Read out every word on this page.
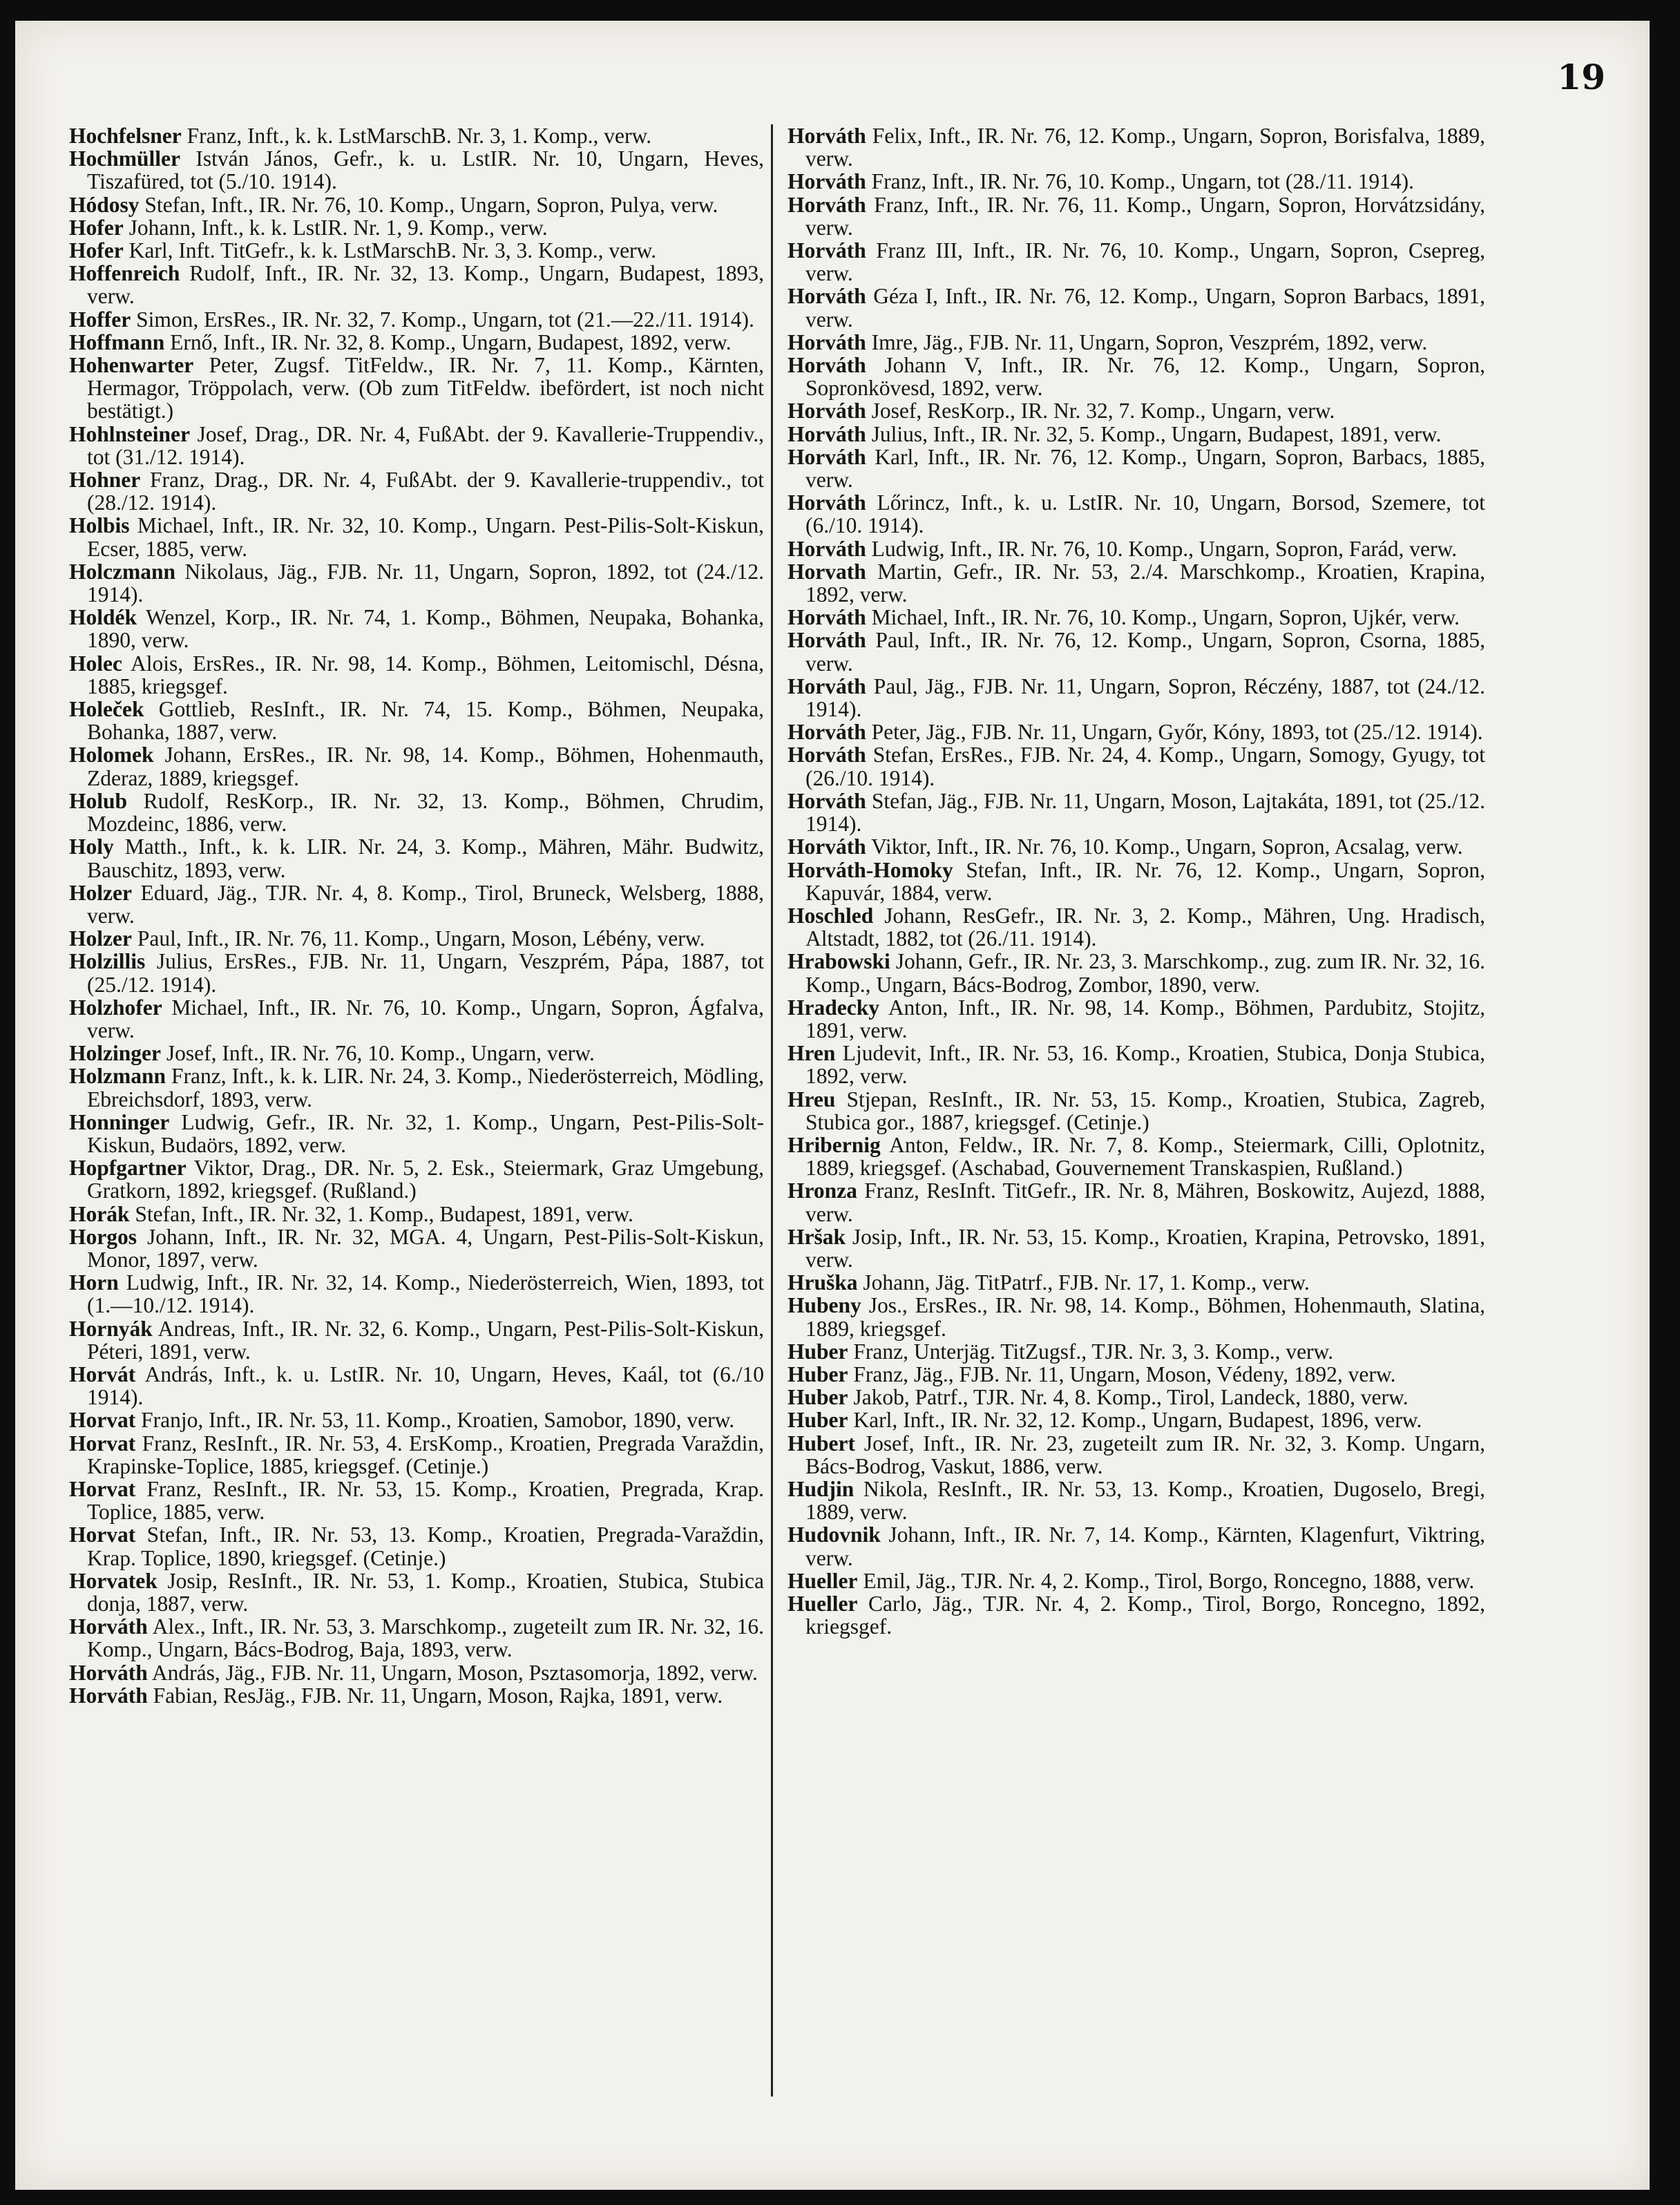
19

Hochfelsner Franz, Inft., k. k. LstMarschB. Nr. 3, 1. Komp., verw.

Hochmüller István János, Gefr., k. u. LstIR. Nr. 10, Ungarn, Heves, Tiszafüred, tot (5./10. 1914).

Hódosy Stefan, Inft., IR. Nr. 76, 10. Komp., Ungarn, Sopron, Pulya, verw.

Hofer Johann, Inft., k. k. LstIR. Nr. 1, 9. Komp., verw.

Hofer Karl, Inft. TitGefr., k. k. LstMarschB. Nr. 3, 3. Komp., verw.

Hoffenreich Rudolf, Inft., IR. Nr. 32, 13. Komp., Ungarn, Budapest, 1893, verw.

Hoffer Simon, ErsRes., IR. Nr. 32, 7. Komp., Ungarn, tot (21.—22./11. 1914).

Hoffmann Ernő, Inft., IR. Nr. 32, 8. Komp., Ungarn, Budapest, 1892, verw.

Hohenwarter Peter, Zugsf. TitFeldw., IR. Nr. 7, 11. Komp., Kärnten, Hermagor, Tröppolach, verw. (Ob zum TitFeldw. ibefördert, ist noch nicht bestätigt.)

Hohlnsteiner Josef, Drag., DR. Nr. 4, FußAbt. der 9. Kavallerie-Truppendiv., tot (31./12. 1914).

Hohner Franz, Drag., DR. Nr. 4, FußAbt. der 9. Kavallerie-truppendiv., tot (28./12. 1914).

Holbis Michael, Inft., IR. Nr. 32, 10. Komp., Ungarn. Pest-Pilis-Solt-Kiskun, Ecser, 1885, verw.

Holczmann Nikolaus, Jäg., FJB. Nr. 11, Ungarn, Sopron, 1892, tot (24./12. 1914).

Holdék Wenzel, Korp., IR. Nr. 74, 1. Komp., Böhmen, Neupaka, Bohanka, 1890, verw.

Holec Alois, ErsRes., IR. Nr. 98, 14. Komp., Böhmen, Leitomischl, Désna, 1885, kriegsgef.

Holeček Gottlieb, ResInft., IR. Nr. 74, 15. Komp., Böhmen, Neupaka, Bohanka, 1887, verw.

Holomek Johann, ErsRes., IR. Nr. 98, 14. Komp., Böhmen, Hohenmauth, Zderaz, 1889, kriegsgef.

Holub Rudolf, ResKorp., IR. Nr. 32, 13. Komp., Böhmen, Chrudim, Mozdeinc, 1886, verw.

Holy Matth., Inft., k. k. LIR. Nr. 24, 3. Komp., Mähren, Mähr. Budwitz, Bauschitz, 1893, verw.

Holzer Eduard, Jäg., TJR. Nr. 4, 8. Komp., Tirol, Bruneck, Welsberg, 1888, verw.

Holzer Paul, Inft., IR. Nr. 76, 11. Komp., Ungarn, Moson, Lébény, verw.

Holzillis Julius, ErsRes., FJB. Nr. 11, Ungarn, Veszprém, Pápa, 1887, tot (25./12. 1914).

Holzhofer Michael, Inft., IR. Nr. 76, 10. Komp., Ungarn, Sopron, Ágfalva, verw.

Holzinger Josef, Inft., IR. Nr. 76, 10. Komp., Ungarn, verw.

Holzmann Franz, Inft., k. k. LIR. Nr. 24, 3. Komp., Niederösterreich, Mödling, Ebreichsdorf, 1893, verw.

Honninger Ludwig, Gefr., IR. Nr. 32, 1. Komp., Ungarn, Pest-Pilis-Solt-Kiskun, Budaörs, 1892, verw.

Hopfgartner Viktor, Drag., DR. Nr. 5, 2. Esk., Steiermark, Graz Umgebung, Gratkorn, 1892, kriegsgef. (Rußland.)

Horák Stefan, Inft., IR. Nr. 32, 1. Komp., Budapest, 1891, verw.

Horgos Johann, Inft., IR. Nr. 32, MGA. 4, Ungarn, Pest-Pilis-Solt-Kiskun, Monor, 1897, verw.

Horn Ludwig, Inft., IR. Nr. 32, 14. Komp., Niederösterreich, Wien, 1893, tot (1.—10./12. 1914).

Hornyák Andreas, Inft., IR. Nr. 32, 6. Komp., Ungarn, Pest-Pilis-Solt-Kiskun, Péteri, 1891, verw.

Horvát András, Inft., k. u. LstIR. Nr. 10, Ungarn, Heves, Kaál, tot (6./10 1914).

Horvat Franjo, Inft., IR. Nr. 53, 11. Komp., Kroatien, Samobor, 1890, verw.

Horvat Franz, ResInft., IR. Nr. 53, 4. ErsKomp., Kroatien, Pregrada Varaždin, Krapinske-Toplice, 1885, kriegsgef. (Cetinje.)

Horvat Franz, ResInft., IR. Nr. 53, 15. Komp., Kroatien, Pregrada, Krap. Toplice, 1885, verw.

Horvat Stefan, Inft., IR. Nr. 53, 13. Komp., Kroatien, Pregrada-Varaždin, Krap. Toplice, 1890, kriegsgef. (Cetinje.)

Horvatek Josip, ResInft., IR. Nr. 53, 1. Komp., Kroatien, Stubica, Stubica donja, 1887, verw.

Horváth Alex., Inft., IR. Nr. 53, 3. Marschkomp., zugeteilt zum IR. Nr. 32, 16. Komp., Ungarn, Bács-Bodrog, Baja, 1893, verw.

Horváth András, Jäg., FJB. Nr. 11, Ungarn, Moson, Psztasomorja, 1892, verw.

Horváth Fabian, ResJäg., FJB. Nr. 11, Ungarn, Moson, Rajka, 1891, verw.

Horváth Felix, Inft., IR. Nr. 76, 12. Komp., Ungarn, Sopron, Borisfalva, 1889, verw.

Horváth Franz, Inft., IR. Nr. 76, 10. Komp., Ungarn, tot (28./11. 1914).

Horváth Franz, Inft., IR. Nr. 76, 11. Komp., Ungarn, Sopron, Horvátzsidány, verw.

Horváth Franz III, Inft., IR. Nr. 76, 10. Komp., Ungarn, Sopron, Csepreg, verw.

Horváth Géza I, Inft., IR. Nr. 76, 12. Komp., Ungarn, Sopron Barbacs, 1891, verw.

Horváth Imre, Jäg., FJB. Nr. 11, Ungarn, Sopron, Veszprém, 1892, verw.

Horváth Johann V, Inft., IR. Nr. 76, 12. Komp., Ungarn, Sopron, Sopronkövesd, 1892, verw.

Horváth Josef, ResKorp., IR. Nr. 32, 7. Komp., Ungarn, verw.

Horváth Julius, Inft., IR. Nr. 32, 5. Komp., Ungarn, Budapest, 1891, verw.

Horváth Karl, Inft., IR. Nr. 76, 12. Komp., Ungarn, Sopron, Barbacs, 1885, verw.

Horváth Lőrincz, Inft., k. u. LstIR. Nr. 10, Ungarn, Borsod, Szemere, tot (6./10. 1914).

Horváth Ludwig, Inft., IR. Nr. 76, 10. Komp., Ungarn, Sopron, Farád, verw.

Horvath Martin, Gefr., IR. Nr. 53, 2./4. Marschkomp., Kroatien, Krapina, 1892, verw.

Horváth Michael, Inft., IR. Nr. 76, 10. Komp., Ungarn, Sopron, Ujkér, verw.

Horváth Paul, Inft., IR. Nr. 76, 12. Komp., Ungarn, Sopron, Csorna, 1885, verw.

Horváth Paul, Jäg., FJB. Nr. 11, Ungarn, Sopron, Réczény, 1887, tot (24./12. 1914).

Horváth Peter, Jäg., FJB. Nr. 11, Ungarn, Győr, Kóny, 1893, tot (25./12. 1914).

Horváth Stefan, ErsRes., FJB. Nr. 24, 4. Komp., Ungarn, Somogy, Gyugy, tot (26./10. 1914).

Horváth Stefan, Jäg., FJB. Nr. 11, Ungarn, Moson, Lajtakáta, 1891, tot (25./12. 1914).

Horváth Viktor, Inft., IR. Nr. 76, 10. Komp., Ungarn, Sopron, Acsalag, verw.

Horváth-Homoky Stefan, Inft., IR. Nr. 76, 12. Komp., Ungarn, Sopron, Kapuvár, 1884, verw.

Hoschled Johann, ResGefr., IR. Nr. 3, 2. Komp., Mähren, Ung. Hradisch, Altstadt, 1882, tot (26./11. 1914).

Hrabowski Johann, Gefr., IR. Nr. 23, 3. Marschkomp., zug. zum IR. Nr. 32, 16. Komp., Ungarn, Bács-Bodrog, Zombor, 1890, verw.

Hradecky Anton, Inft., IR. Nr. 98, 14. Komp., Böhmen, Pardubitz, Stojitz, 1891, verw.

Hren Ljudevit, Inft., IR. Nr. 53, 16. Komp., Kroatien, Stubica, Donja Stubica, 1892, verw.

Hreu Stjepan, ResInft., IR. Nr. 53, 15. Komp., Kroatien, Stubica, Zagreb, Stubica gor., 1887, kriegsgef. (Cetinje.)

Hribernig Anton, Feldw., IR. Nr. 7, 8. Komp., Steiermark, Cilli, Oplotnitz, 1889, kriegsgef. (Aschabad, Gouvernement Transkaspien, Rußland.)

Hronza Franz, ResInft. TitGefr., IR. Nr. 8, Mähren, Boskowitz, Aujezd, 1888, verw.

Hršak Josip, Inft., IR. Nr. 53, 15. Komp., Kroatien, Krapina, Petrovsko, 1891, verw.

Hruška Johann, Jäg. TitPatrf., FJB. Nr. 17, 1. Komp., verw.

Hubeny Jos., ErsRes., IR. Nr. 98, 14. Komp., Böhmen, Hohenmauth, Slatina, 1889, kriegsgef.

Huber Franz, Unterjäg. TitZugsf., TJR. Nr. 3, 3. Komp., verw.

Huber Franz, Jäg., FJB. Nr. 11, Ungarn, Moson, Védeny, 1892, verw.

Huber Jakob, Patrf., TJR. Nr. 4, 8. Komp., Tirol, Landeck, 1880, verw.

Huber Karl, Inft., IR. Nr. 32, 12. Komp., Ungarn, Budapest, 1896, verw.

Hubert Josef, Inft., IR. Nr. 23, zugeteilt zum IR. Nr. 32, 3. Komp. Ungarn, Bács-Bodrog, Vaskut, 1886, verw.

Hudjin Nikola, ResInft., IR. Nr. 53, 13. Komp., Kroatien, Dugoselo, Bregi, 1889, verw.

Hudovnik Johann, Inft., IR. Nr. 7, 14. Komp., Kärnten, Klagenfurt, Viktring, verw.

Hueller Emil, Jäg., TJR. Nr. 4, 2. Komp., Tirol, Borgo, Roncegno, 1888, verw.

Hueller Carlo, Jäg., TJR. Nr. 4, 2. Komp., Tirol, Borgo, Roncegno, 1892, kriegsgef.
